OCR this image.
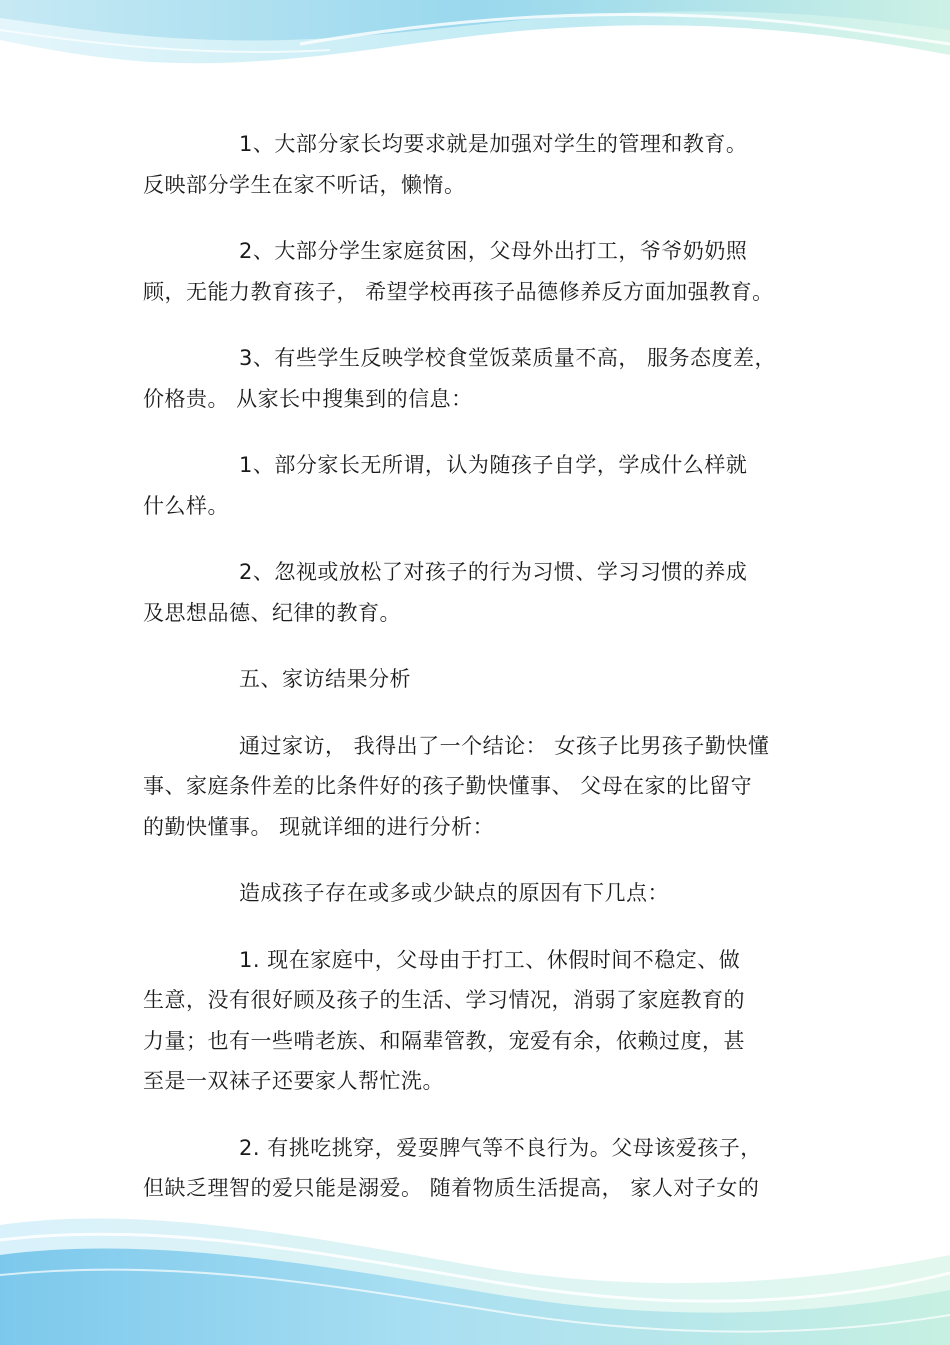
1、大部分家长均要求就是加强对学生的管理和教育。
反映部分学生在家不听话，懒惰。

2、大部分学生家庭贫困，父母外出打工，爷爷奶奶照
顾，无能力教育孩子， 希望学校再孩子品德修养反方面加强教育。

3、有些学生反映学校食堂饭菜质量不高， 服务态度差，
价格贵。 从家长中搜集到的信息：

1、部分家长无所谓，认为随孩子自学，学成什么样就
什么样。

2、忽视或放松了对孩子的行为习惯、学习习惯的养成
及思想品德、纪律的教育。

五、家访结果分析

通过家访， 我得出了一个结论： 女孩子比男孩子勤快懂
事、家庭条件差的比条件好的孩子勤快懂事、 父母在家的比留守
的勤快懂事。 现就详细的进行分析：

造成孩子存在或多或少缺点的原因有下几点：

1. 现在家庭中，父母由于打工、休假时间不稳定、做
生意，没有很好顾及孩子的生活、学习情况，消弱了家庭教育的
力量；也有一些啃老族、和隔辈管教，宠爱有余，依赖过度，甚
至是一双袜子还要家人帮忙洗。

2. 有挑吃挑穿，爱耍脾气等不良行为。父母该爱孩子，
但缺乏理智的爱只能是溺爱。 随着物质生活提高， 家人对子女的
